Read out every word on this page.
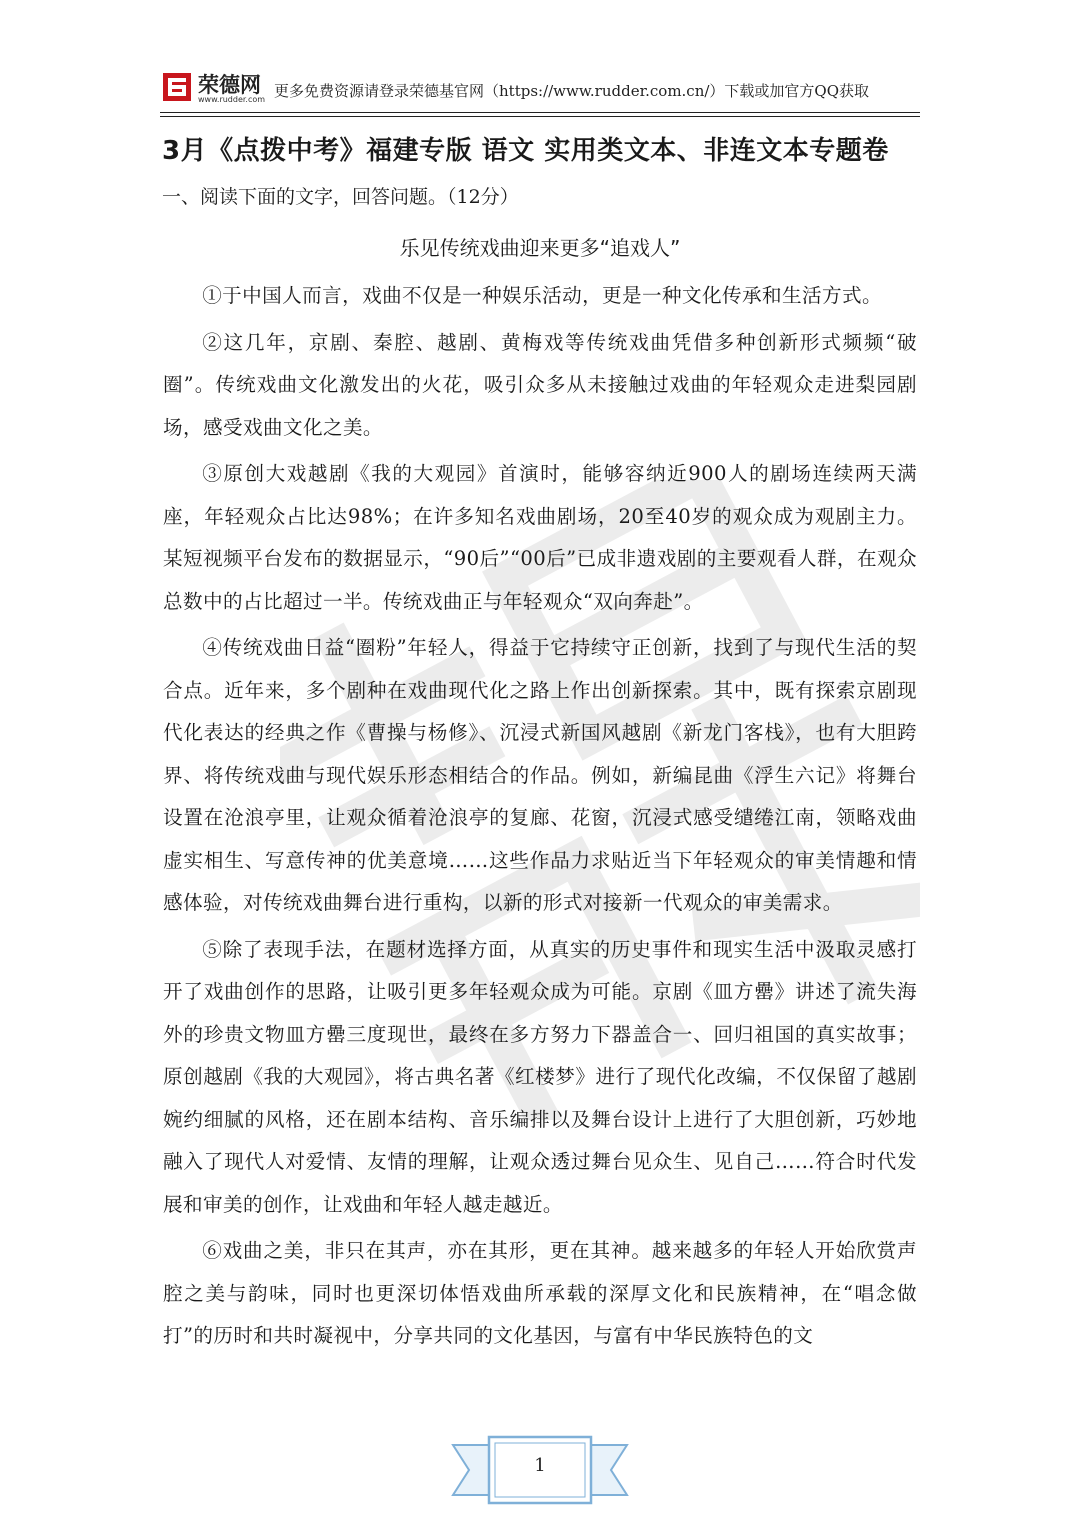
荣德网
www.rudder.com 更多免费资源请登录荣德基官网（https://www.rudder.com.cn/）下载或加官方QQ获取
3月《点拨中考》福建专版 语文 实用类文本、非连文本专题卷
一、阅读下面的文字，回答问题。（12分）
乐见传统戏曲迎来更多“追戏人”

①于中国人而言，戏曲不仅是一种娱乐活动，更是一种文化传承和生活方式。

②这几年，京剧、秦腔、越剧、黄梅戏等传统戏曲凭借多种创新形式频频“破圈”。传统戏曲文化激发出的火花，吸引众多从未接触过戏曲的年轻观众走进梨园剧场，感受戏曲文化之美。

③原创大戏越剧《我的大观园》首演时，能够容纳近900人的剧场连续两天满座，年轻观众占比达98%；在许多知名戏曲剧场，20至40岁的观众成为观剧主力。某短视频平台发布的数据显示，“90后”“00后”已成非遗戏剧的主要观看人群，在观众总数中的占比超过一半。传统戏曲正与年轻观众“双向奔赴”。

④传统戏曲日益“圈粉”年轻人，得益于它持续守正创新，找到了与现代生活的契合点。近年来，多个剧种在戏曲现代化之路上作出创新探索。其中，既有探索京剧现代化表达的经典之作《曹操与杨修》、沉浸式新国风越剧《新龙门客栈》，也有大胆跨界、将传统戏曲与现代娱乐形态相结合的作品。例如，新编昆曲《浮生六记》将舞台设置在沧浪亭里，让观众循着沧浪亭的复廊、花窗，沉浸式感受缱绻江南，领略戏曲虚实相生、写意传神的优美意境……这些作品力求贴近当下年轻观众的审美情趣和情感体验，对传统戏曲舞台进行重构，以新的形式对接新一代观众的审美需求。

⑤除了表现手法，在题材选择方面，从真实的历史事件和现实生活中汲取灵感打开了戏曲创作的思路，让吸引更多年轻观众成为可能。京剧《皿方罍》讲述了流失海外的珍贵文物皿方罍三度现世，最终在多方努力下器盖合一、回归祖国的真实故事；原创越剧《我的大观园》，将古典名著《红楼梦》进行了现代化改编，不仅保留了越剧婉约细腻的风格，还在剧本结构、音乐编排以及舞台设计上进行了大胆创新，巧妙地融入了现代人对爱情、友情的理解，让观众透过舞台见众生、见自己……符合时代发展和审美的创作，让戏曲和年轻人越走越近。

⑥戏曲之美，非只在其声，亦在其形，更在其神。越来越多的年轻人开始欣赏声腔之美与韵味，同时也更深切体悟戏曲所承载的深厚文化和民族精神，在“唱念做打”的历时和共时凝视中，分享共同的文化基因，与富有中华民族特色的文

1
